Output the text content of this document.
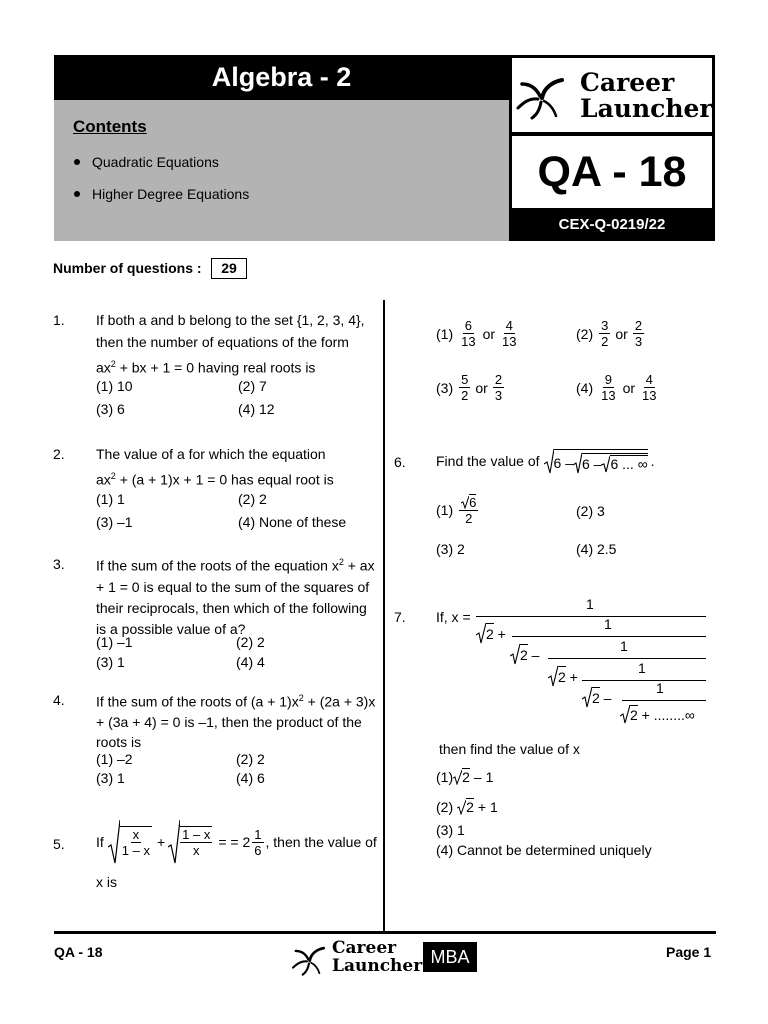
Algebra - 2
Contents
Quadratic Equations
Higher Degree Equations
Career
Launcher
QA - 18
CEX-Q-0219/22
Number of questions :	29
1. If both a and b belong to the set {1, 2, 3, 4},
then the number of equations of the form
$ax^2$ + bx + 1 = 0 having real roots is
(1) 10	(2) 7
(3) 6	(4) 12
2. The value of a for which the equation
$ax^2 + (a + 1)x + 1 = 0$ has equal root is
(1) 1	(2) 2
(3) –1	(4) None of these
3. If the sum of the roots of the equation $x^2$ + ax
+ 1 = 0 is equal to the sum of the squares of
their reciprocals, then which of the following
is a possible value of a?
(1) –1	(2) 2
(3) 1	(4) 4
4. If the sum of the roots of $(a + 1)x^2 + (2a + 3)x$
+ (3a + 4) = 0 is –1, then the product of the
roots is
(1) –2	(2) 2
(3) 1	(4) 6
5. If $\frac{x}{1 - x} + \frac{1 - x}{x}$ = = $2 \frac{1}{6}$ , then the value of
x is
$(1) \frac{6}{13}$ or $\frac{4}{13}$	$(2) \frac{3}{2}$ or $\frac{2}{3}$
$(3) \frac{5}{2}$ or $\frac{2}{3}$	$(4) \frac{9}{13}$ or $\frac{4}{13}$
6. Find the value of 6 – 6 – 6 ... ∞ .
$(1) \frac{6}{2}$	(2) 3
(3) 2	(4) 2.5
7. If, x =
1
2 +
1
2 –
1
2 +
1
2 –
1
2 + ........∞
then find the value of x
(1) 2 – 1
(2) 2 + 1
(3) 1
(4) Cannot be determined uniquely
QA - 18	Career
Launcher MBA	Page 1
